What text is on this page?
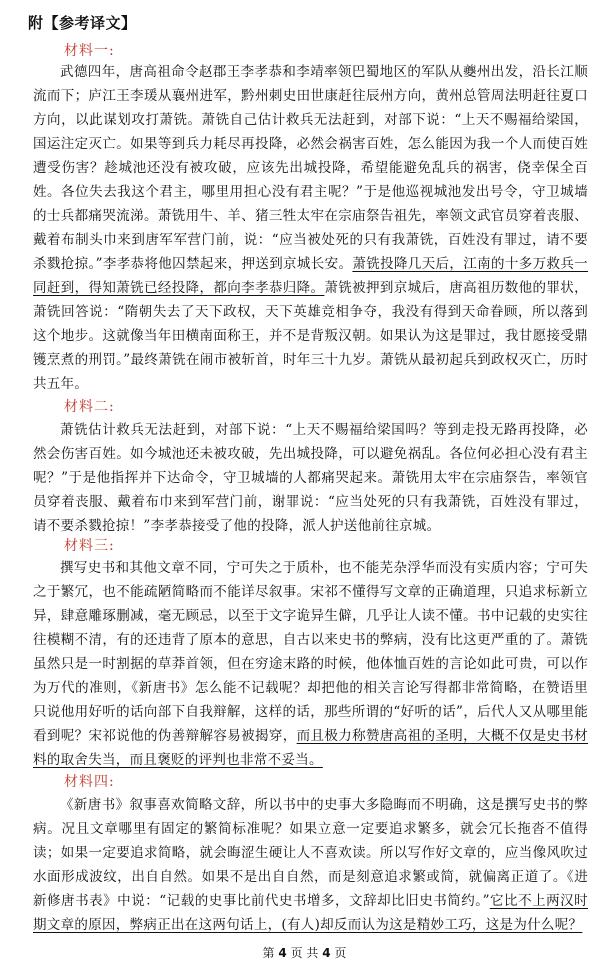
附【参考译文】
材料一:

武德四年，唐高祖命令赵郡王李孝恭和李靖率领巴蜀地区的军队从夔州出发，沿长江顺流而下；庐江王李瑗从襄州进军，黔州刺史田世康赶往辰州方向，黄州总管周法明赶往夏口方向，以此谋划攻打萧铣。萧铣自己估计救兵无法赶到，对部下说：“上天不赐福给梁国，国运注定灭亡。如果等到兵力耗尽再投降，必然会祸害百姓，怎么能因为我一个人而使百姓遭受伤害？趁城池还没有被攻破，应该先出城投降，希望能避免乱兵的祸害，侥幸保全百姓。各位失去我这个君主，哪里用担心没有君主呢？”于是他巡视城池发出号令，守卫城墙的士兵都痛哭流涕。萧铣用牛、羊、猪三牲太牢在宗庙祭告祖先，率领文武官员穿着丧服、戴着布制头巾来到唐军军营门前，说：“应当被处死的只有我萧铣，百姓没有罪过，请不要杀戮抢掠。”李孝恭将他囚禁起来，押送到京城长安。萧铣投降几天后，江南的十多万救兵一同赶到，得知萧铣已经投降，都向李孝恭归降。萧铣被押到京城后，唐高祖历数他的罪状，萧铣回答说：“隋朝失去了天下政权，天下英雄竞相争夺，我没有得到天命眷顾，所以落到这个地步。这就像当年田横南面称王，并不是背叛汉朝。如果认为这是罪过，我甘愿接受鼎镬烹煮的刑罚。”最终萧铣在闹市被斩首，时年三十九岁。萧铣从最初起兵到政权灭亡，历时共五年。

材料二:

萧铣估计救兵无法赶到，对部下说：“上天不赐福给梁国吗？等到走投无路再投降，必然会伤害百姓。如今城池还未被攻破，先出城投降，可以避免祸乱。各位何必担心没有君主呢？”于是他指挥并下达命令，守卫城墙的人都痛哭起来。萧铣用太牢在宗庙祭告，率领官员穿着丧服、戴着布巾来到军营门前，谢罪说：“应当处死的只有我萧铣，百姓没有罪过，请不要杀戮抢掠！”李孝恭接受了他的投降，派人护送他前往京城。

材料三:

撰写史书和其他文章不同，宁可失之于质朴，也不能芜杂浮华而没有实质内容；宁可失之于繁冗，也不能疏陋简略而不能详尽叙事。宋祁不懂得写文章的正确道理，只追求标新立异，肆意雕琢删减，毫无顾忌，以至于文字诡异生僻，几乎让人读不懂。书中记载的史实往往模糊不清，有的还违背了原本的意思，自古以来史书的弊病，没有比这更严重的了。萧铣虽然只是一时割据的草莽首领，但在穷途末路的时候，他体恤百姓的言论如此可贵，可以作为万代的准则，《新唐书》怎么能不记载呢？却把他的相关言论写得都非常简略，在赞语里只说他用好听的话向部下自我辩解，这样的话，那些所谓的“好听的话”，后代人又从哪里能看到呢？宋祁说他的伪善辩解容易被揭穿，而且极力称赞唐高祖的圣明，大概不仅是史书材料的取舍失当，而且褒贬的评判也非常不妥当。

材料四:

《新唐书》叙事喜欢简略文辞，所以书中的史事大多隐晦而不明确，这是撰写史书的弊病。况且文章哪里有固定的繁简标准呢？如果立意一定要追求繁多，就会冗长拖沓不值得读；如果一定要追求简略，就会晦涩生硬让人不喜欢读。所以写作好文章的，应当像风吹过水面形成波纹，出自自然。如果不是出自自然，而是刻意追求繁或简，就偏离正道了。《进新修唐书表》中说：“记载的史事比前代史书增多，文辞却比旧史书简约。”它比不上两汉时期文章的原因，弊病正出在这两句话上，(有人)却反而认为这是精妙工巧，这是为什么呢？

第 4 页 共 4 页
